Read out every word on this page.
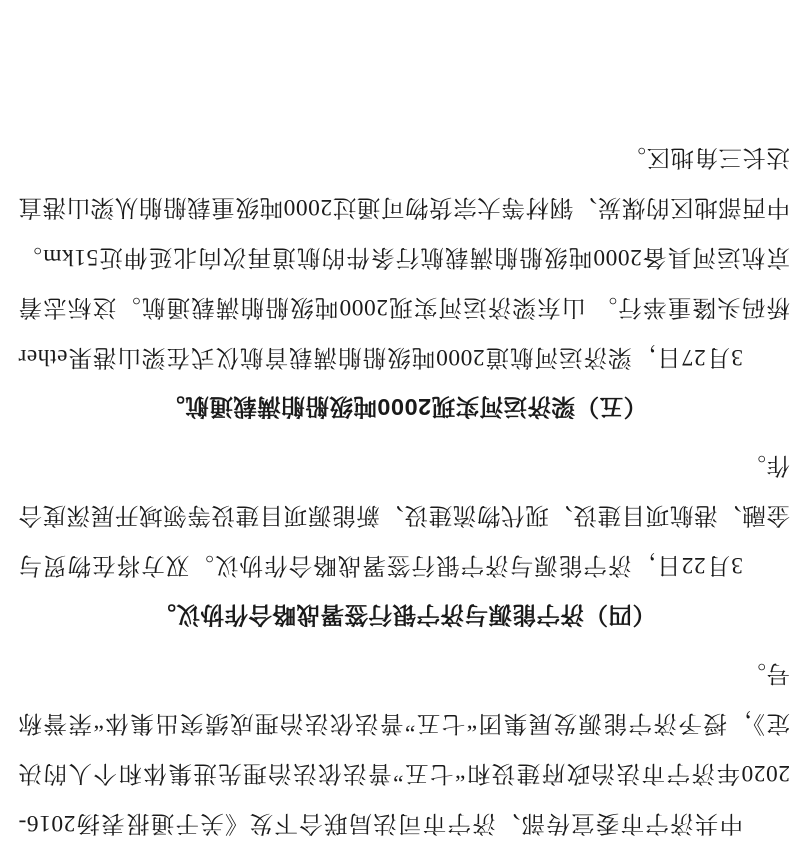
中共济宁市委宣传部、济宁市司法局联合下发《关于通报表扬2016-2020年济宁市法治政府建设和“七五”普法依法治理先进集体和个人的决定》，授予济宁能源发展集团“七五”普法依法治理成绩突出集体“荣誉称号。

（四）济宁能源与济宁银行签署战略合作协议。

3月22日，济宁能源与济宁银行签署战略合作协议。双方将在物贸与金融、港航项目建设、现代物流建设、新能源项目建设等领域开展深度合作。

（五）梁济运河实现2000吨级船舶满载通航。

3月27日，梁济运河航道2000吨级船舶满载首航仪式在梁山港果ether桥码头隆重举行。 山东梁济运河实现2000吨级船舶满载通航。这标志着京杭运河具备2000吨级船舶满载航行条件的航道再次向北延伸近51km。 中西部地区的煤炭、钢材等大宗货物可通过2000吨级重载船舶从梁山港直达长三角地区。
